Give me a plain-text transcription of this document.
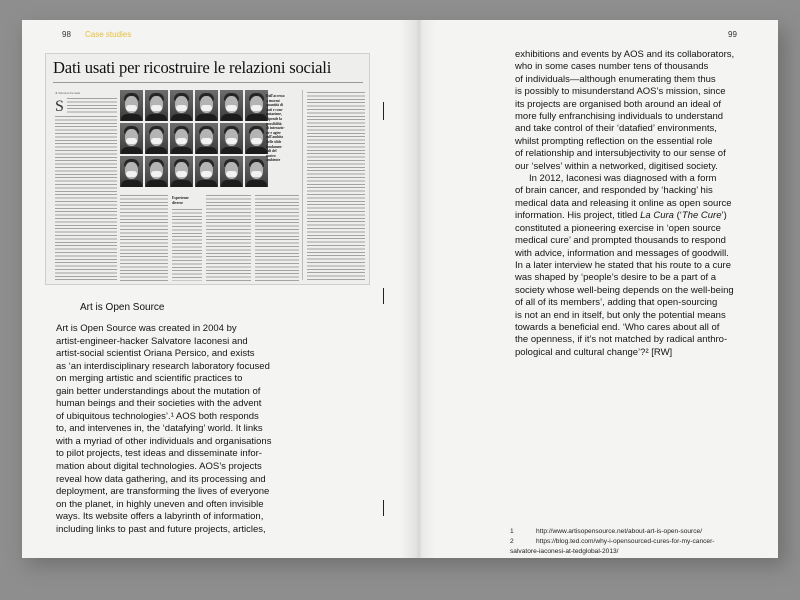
98 Case studies
Dati usati per ricostruire le relazioni sociali
di Salvatore Iaconesi
S
Dall'accesso
a enormi
quantità di
dati e com-
putazione,
dipende la
possibilità
di interazio-
ne e agire
sull'ambito
delle sfide
fondamen-
tali del
nostro
ambiente
Esperienze
diverse
Art is Open Source
Art is Open Source was created in 2004 by
artist-engineer-hacker Salvatore Iaconesi and
artist-social scientist Oriana Persico, and exists
as ‘an interdisciplinary research laboratory focused
on merging artistic and scientific practices to
gain better understandings about the mutation of
human beings and their societies with the advent
of ubiquitous technologies’.¹ AOS both responds
to, and intervenes in, the ‘datafying’ world. It links
with a myriad of other individuals and organisations
to pilot projects, test ideas and disseminate infor-
mation about digital technologies. AOS’s projects
reveal how data gathering, and its processing and
deployment, are transforming the lives of everyone
on the planet, in highly uneven and often invisible
ways. Its website offers a labyrinth of information,
including links to past and future projects, articles,
99
exhibitions and events by AOS and its collaborators,
who in some cases number tens of thousands
of individuals—although enumerating them thus
is possibly to misunderstand AOS’s mission, since
its projects are organised both around an ideal of
more fully enfranchising individuals to understand
and take control of their ‘datafied’ environments,
whilst prompting reflection on the essential role
of relationship and intersubjectivity to our sense of
our ‘selves’ within a networked, digitised society.
In 2012, Iaconesi was diagnosed with a form
of brain cancer, and responded by ‘hacking’ his
medical data and releasing it online as open source
information. His project, titled La Cura (‘The Cure’)
constituted a pioneering exercise in ‘open source
medical cure’ and prompted thousands to respond
with advice, information and messages of goodwill.
In a later interview he stated that his route to a cure
was shaped by ‘people’s desire to be a part of a
society whose well-being depends on the well-being
of all of its members’, adding that open-sourcing
is not an end in itself, but only the potential means
towards a beneficial end. ‘Who cares about all of
the openness, if it’s not matched by radical anthro-
pological and cultural change’?² [RW]
1	http://www.artisopensource.net/about-art-is-open-source/
2	https://blog.ted.com/why-i-opensourced-cures-for-my-cancer-
salvatore-iaconesi-at-tedglobal-2013/
